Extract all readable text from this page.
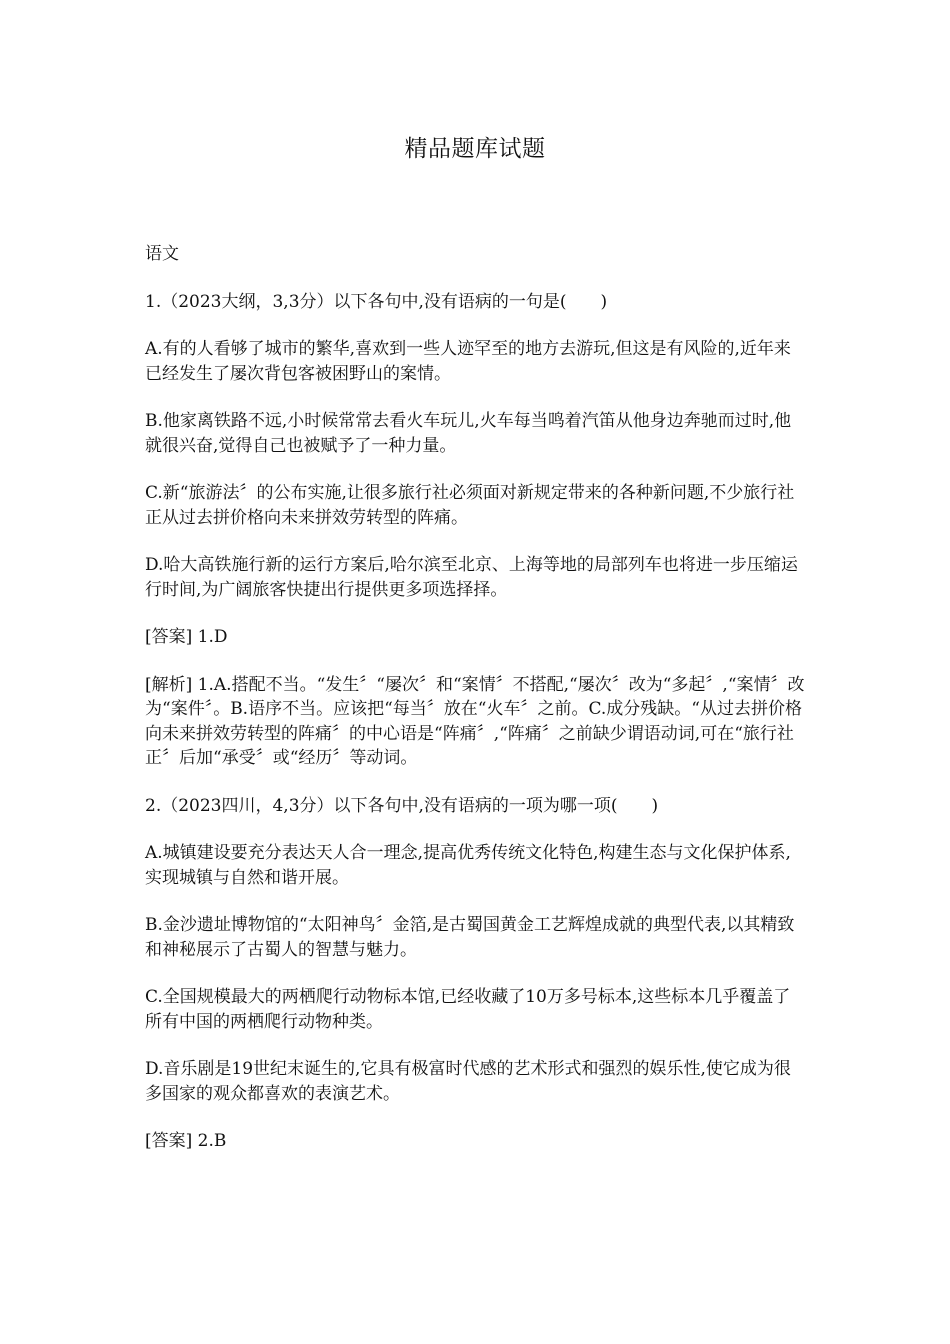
精品题库试题

语文

1.（2023大纲，3,3分）以下各句中,没有语病的一句是(　　)

A.有的人看够了城市的繁华,喜欢到一些人迹罕至的地方去游玩,但这是有风险的,近年来已经发生了屡次背包客被困野山的案情。

B.他家离铁路不远,小时候常常去看火车玩儿,火车每当鸣着汽笛从他身边奔驰而过时,他就很兴奋,觉得自己也被赋予了一种力量。

C.新“旅游法〞的公布实施,让很多旅行社必须面对新规定带来的各种新问题,不少旅行社正从过去拼价格向未来拼效劳转型的阵痛。

D.哈大高铁施行新的运行方案后,哈尔滨至北京、上海等地的局部列车也将进一步压缩运行时间,为广阔旅客快捷出行提供更多项选择择。

[答案] 1.D

[解析] 1.A.搭配不当。“发生〞“屡次〞和“案情〞不搭配,“屡次〞改为“多起〞,“案情〞改为“案件〞。B.语序不当。应该把“每当〞放在“火车〞之前。C.成分残缺。“从过去拼价格向未来拼效劳转型的阵痛〞的中心语是“阵痛〞,“阵痛〞之前缺少谓语动词,可在“旅行社正〞后加“承受〞或“经历〞等动词。

2.（2023四川，4,3分）以下各句中,没有语病的一项为哪一项(　　)

A.城镇建设要充分表达天人合一理念,提高优秀传统文化特色,构建生态与文化保护体系,实现城镇与自然和谐开展。

B.金沙遗址博物馆的“太阳神鸟〞金箔,是古蜀国黄金工艺辉煌成就的典型代表,以其精致和神秘展示了古蜀人的智慧与魅力。

C.全国规模最大的两栖爬行动物标本馆,已经收藏了10万多号标本,这些标本几乎覆盖了所有中国的两栖爬行动物种类。

D.音乐剧是19世纪末诞生的,它具有极富时代感的艺术形式和强烈的娱乐性,使它成为很多国家的观众都喜欢的表演艺术。

[答案] 2.B
